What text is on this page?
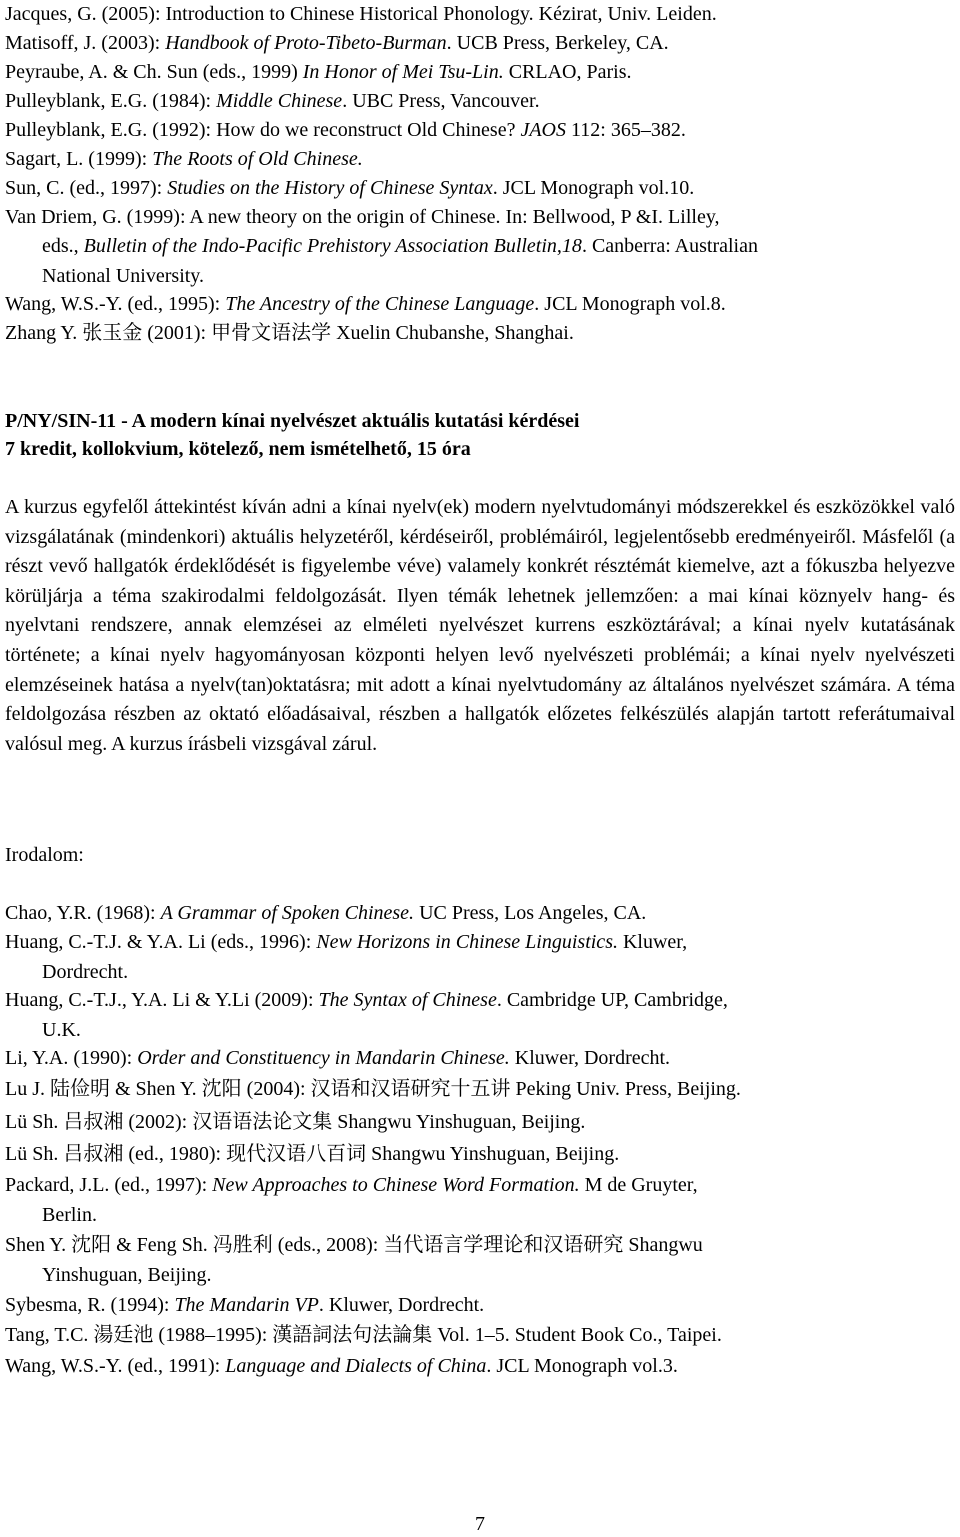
Jacques, G. (2005): Introduction to Chinese Historical Phonology. Kézirat, Univ. Leiden.
Matisoff, J. (2003): Handbook of Proto-Tibeto-Burman. UCB Press, Berkeley, CA.
Peyraube, A. & Ch. Sun (eds., 1999) In Honor of Mei Tsu-Lin. CRLAO, Paris.
Pulleyblank, E.G. (1984): Middle Chinese. UBC Press, Vancouver.
Pulleyblank, E.G. (1992): How do we reconstruct Old Chinese? JAOS 112: 365–382.
Sagart, L. (1999): The Roots of Old Chinese.
Sun, C. (ed., 1997): Studies on the History of Chinese Syntax. JCL Monograph vol.10.
Van Driem, G. (1999): A new theory on the origin of Chinese. In: Bellwood, P &I. Lilley,
eds., Bulletin of the Indo-Pacific Prehistory Association Bulletin,18. Canberra: Australian
National University.
Wang, W.S.-Y. (ed., 1995): The Ancestry of the Chinese Language. JCL Monograph vol.8.
Zhang Y. 张玉金 (2001): 甲骨文语法学 Xuelin Chubanshe, Shanghai.
P/NY/SIN-11 - A modern kínai nyelvészet aktuális kutatási kérdései
7 kredit, kollokvium, kötelező, nem ismételhető, 15 óra

A kurzus egyfelől áttekintést kíván adni a kínai nyelv(ek) modern nyelvtudományi módszerekkel és eszközökkel való vizsgálatának (mindenkori) aktuális helyzetéről, kérdéseiről, problémáiról, legjelentősebb eredményeiről. Másfelől (a részt vevő hallgatók érdeklődését is figyelembe véve) valamely konkrét résztémát kiemelve, azt a fókuszba helyezve körüljárja a téma szakirodalmi feldolgozását. Ilyen témák lehetnek jellemzően: a mai kínai köznyelv hang- és nyelvtani rendszere, annak elemzései az elméleti nyelvészet kurrens eszköztárával; a kínai nyelv kutatásának története; a kínai nyelv hagyományosan központi helyen levő nyelvészeti problémái; a kínai nyelv nyelvészeti elemzéseinek hatása a nyelv(tan)oktatásra; mit adott a kínai nyelvtudomány az általános nyelvészet számára. A téma feldolgozása részben az oktató előadásaival, részben a hallgatók előzetes felkészülés alapján tartott referátumaival valósul meg. A kurzus írásbeli vizsgával zárul.

Irodalom:
Chao, Y.R. (1968): A Grammar of Spoken Chinese. UC Press, Los Angeles, CA.
Huang, C.-T.J. & Y.A. Li (eds., 1996): New Horizons in Chinese Linguistics. Kluwer,
Dordrecht.
Huang, C.-T.J., Y.A. Li & Y.Li (2009): The Syntax of Chinese. Cambridge UP, Cambridge,
U.K.
Li, Y.A. (1990): Order and Constituency in Mandarin Chinese. Kluwer, Dordrecht.
Lu J. 陆俭明 & Shen Y. 沈阳 (2004): 汉语和汉语研究十五讲 Peking Univ. Press, Beijing.
Lü Sh. 吕叔湘 (2002): 汉语语法论文集 Shangwu Yinshuguan, Beijing.
Lü Sh. 吕叔湘 (ed., 1980): 现代汉语八百词 Shangwu Yinshuguan, Beijing.
Packard, J.L. (ed., 1997): New Approaches to Chinese Word Formation. M de Gruyter,
Berlin.
Shen Y. 沈阳 & Feng Sh. 冯胜利 (eds., 2008): 当代语言学理论和汉语研究 Shangwu
Yinshuguan, Beijing.
Sybesma, R. (1994): The Mandarin VP. Kluwer, Dordrecht.
Tang, T.C. 湯廷池 (1988–1995): 漢語詞法句法論集 Vol. 1–5. Student Book Co., Taipei.
Wang, W.S.-Y. (ed., 1991): Language and Dialects of China. JCL Monograph vol.3.
7
